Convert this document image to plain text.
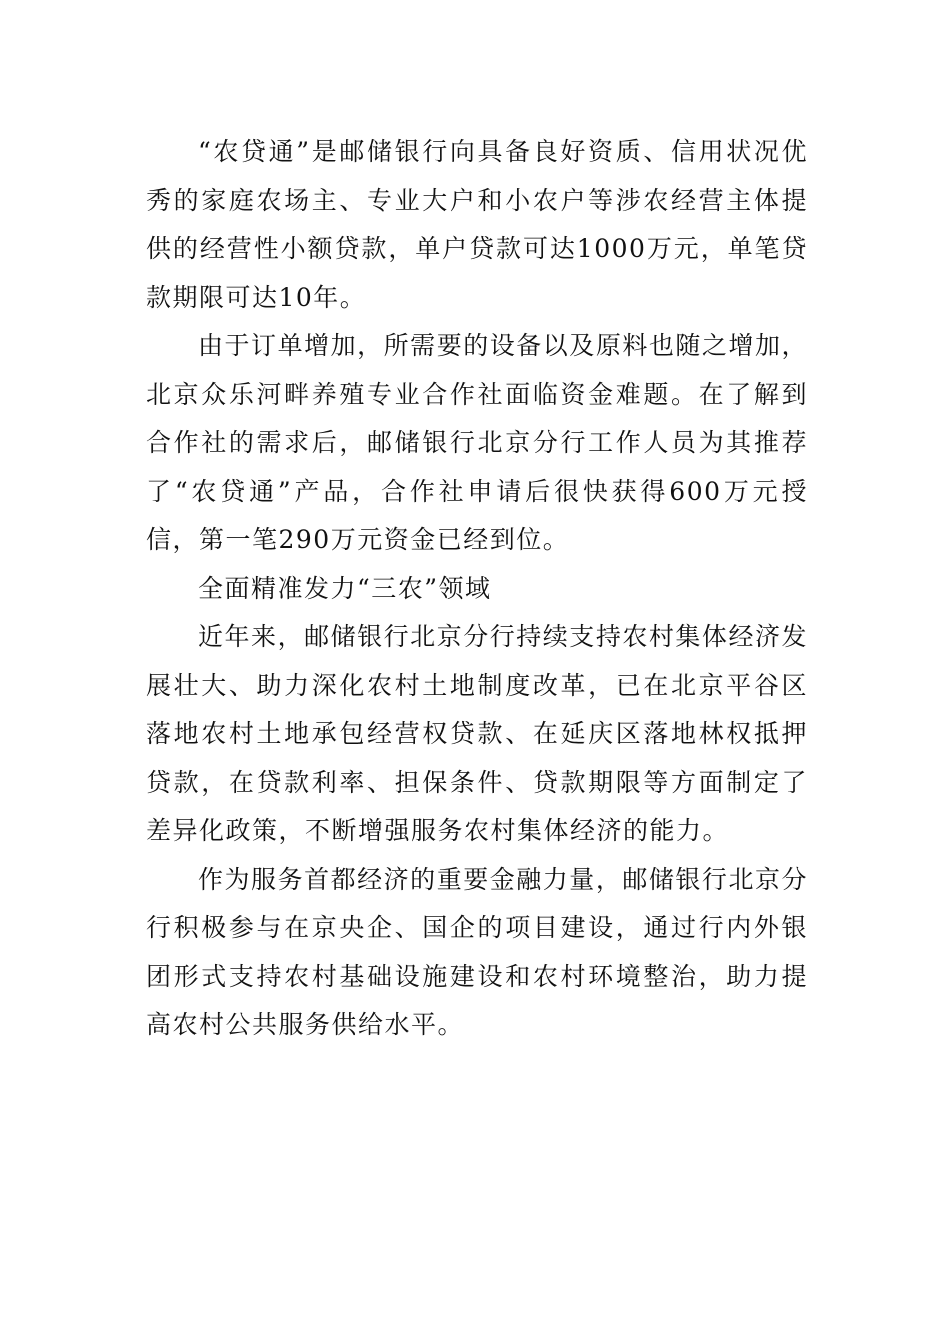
“农贷通”是邮储银行向具备良好资质、信用状况优秀的家庭农场主、专业大户和小农户等涉农经营主体提供的经营性小额贷款，单户贷款可达1000万元，单笔贷款期限可达10年。

由于订单增加，所需要的设备以及原料也随之增加，北京众乐河畔养殖专业合作社面临资金难题。在了解到合作社的需求后，邮储银行北京分行工作人员为其推荐了“农贷通”产品，合作社申请后很快获得600万元授信，第一笔290万元资金已经到位。

全面精准发力“三农”领域

近年来，邮储银行北京分行持续支持农村集体经济发展壮大、助力深化农村土地制度改革，已在北京平谷区落地农村土地承包经营权贷款、在延庆区落地林权抵押贷款，在贷款利率、担保条件、贷款期限等方面制定了差异化政策，不断增强服务农村集体经济的能力。

作为服务首都经济的重要金融力量，邮储银行北京分行积极参与在京央企、国企的项目建设，通过行内外银团形式支持农村基础设施建设和农村环境整治，助力提高农村公共服务供给水平。
